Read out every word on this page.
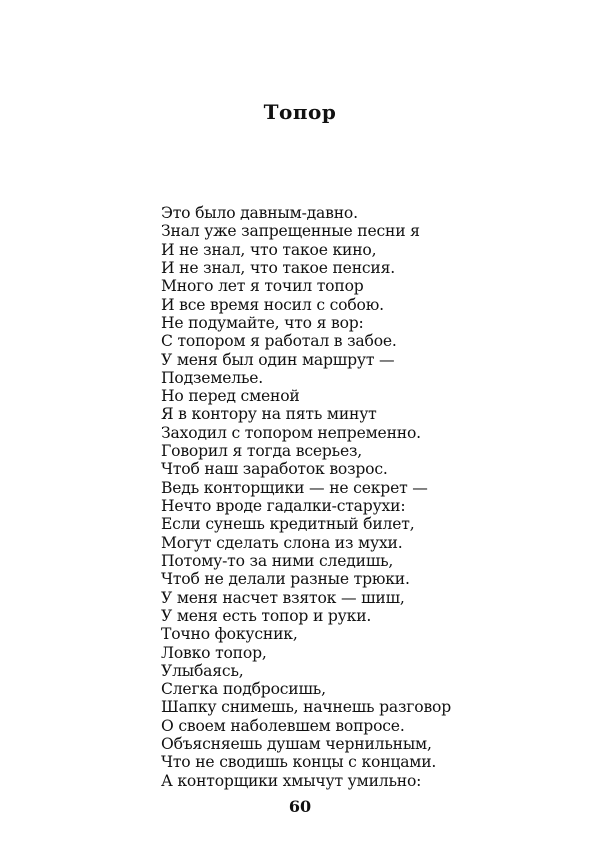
Топор
Это было давным-давно.
Знал уже запрещенные песни я
И не знал, что такое кино,
И не знал, что такое пенсия.
Много лет я точил топор
И все время носил с собою.
Не подумайте, что я вор:
С топором я работал в забое.
У меня был один маршрут —
Подземелье.
Но перед сменой
Я в контору на пять минут
Заходил с топором непременно.
Говорил я тогда всерьез,
Чтоб наш заработок возрос.
Ведь конторщики — не секрет —
Нечто вроде гадалки-старухи:
Если сунешь кредитный билет,
Могут сделать слона из мухи.
Потому-то за ними следишь,
Чтоб не делали разные трюки.
У меня насчет взяток — шиш,
У меня есть топор и руки.
Точно фокусник,
Ловко топор,
Улыбаясь,
Слегка подбросишь,
Шапку снимешь, начнешь разговор
О своем наболевшем вопросе.
Объясняешь душам чернильным,
Что не сводишь концы с концами.
А конторщики хмычут умильно:
60
